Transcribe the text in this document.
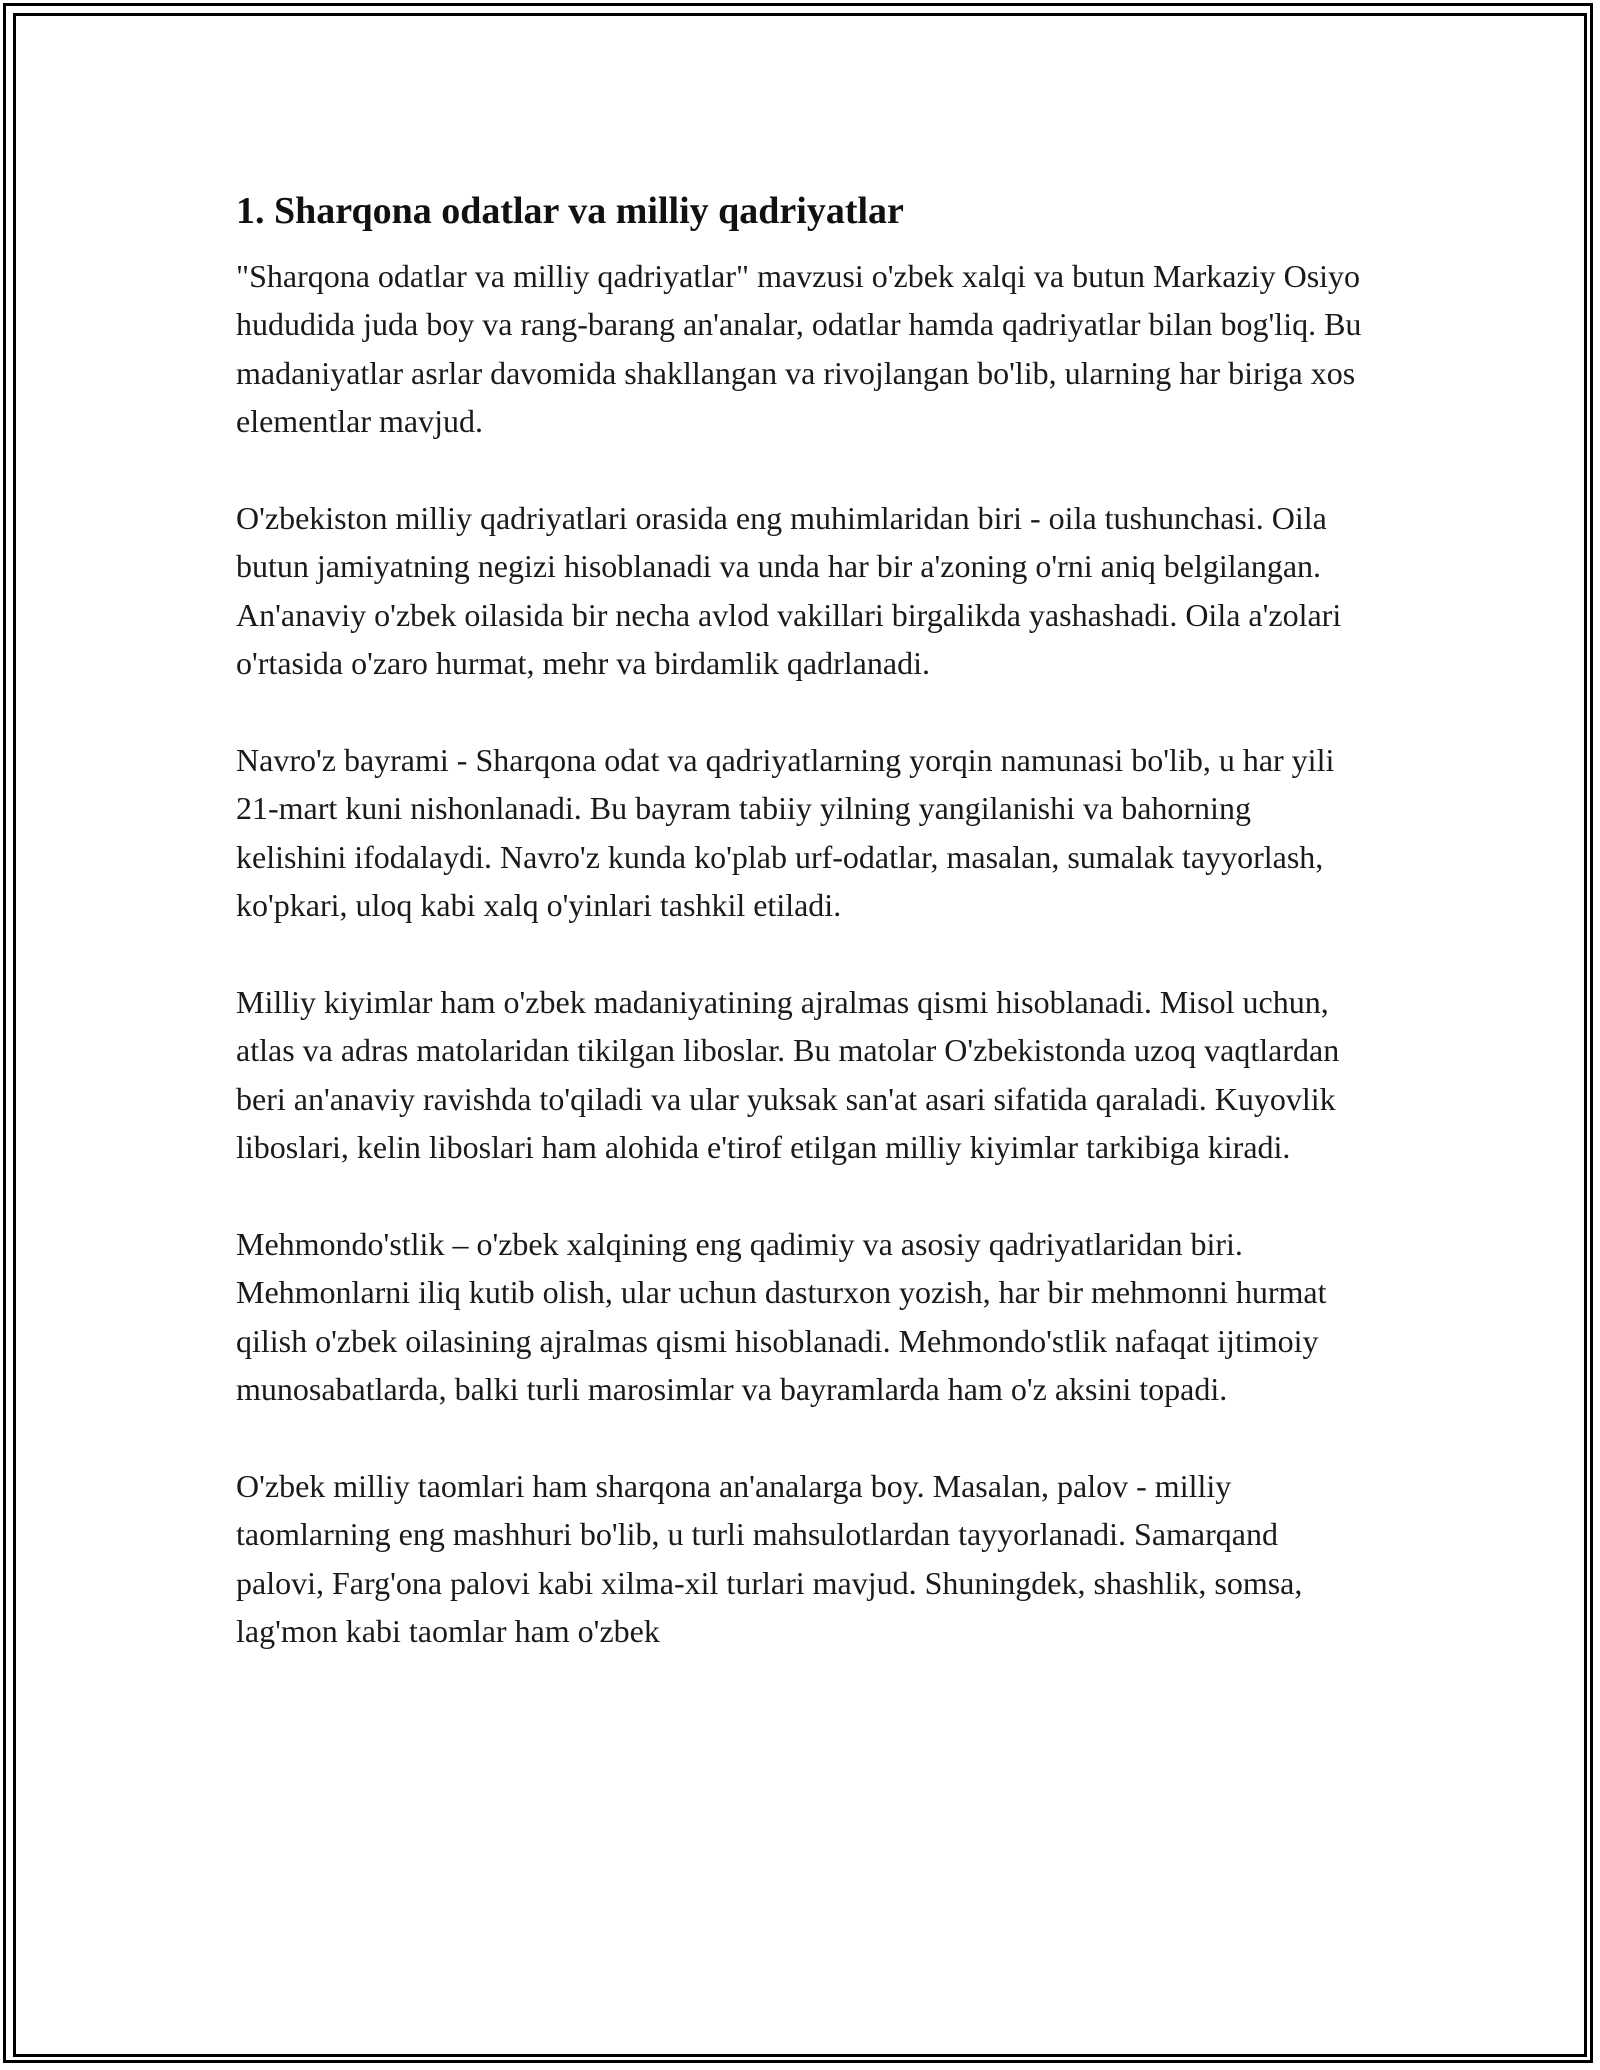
1. Sharqona odatlar va milliy qadriyatlar

"Sharqona odatlar va milliy qadriyatlar" mavzusi o'zbek xalqi va butun Markaziy Osiyo hududida juda boy va rang-barang an'analar, odatlar hamda qadriyatlar bilan bog'liq. Bu madaniyatlar asrlar davomida shakllangan va rivojlangan bo'lib, ularning har biriga xos elementlar mavjud.

O'zbekiston milliy qadriyatlari orasida eng muhimlaridan biri - oila tushunchasi. Oila butun jamiyatning negizi hisoblanadi va unda har bir a'zoning o'rni aniq belgilangan. An'anaviy o'zbek oilasida bir necha avlod vakillari birgalikda yashashadi. Oila a'zolari o'rtasida o'zaro hurmat, mehr va birdamlik qadrlanadi.

Navro'z bayrami - Sharqona odat va qadriyatlarning yorqin namunasi bo'lib, u har yili 21-mart kuni nishonlanadi. Bu bayram tabiiy yilning yangilanishi va bahorning kelishini ifodalaydi. Navro'z kunda ko'plab urf-odatlar, masalan, sumalak tayyorlash, ko'pkari, uloq kabi xalq o'yinlari tashkil etiladi.

Milliy kiyimlar ham o'zbek madaniyatining ajralmas qismi hisoblanadi. Misol uchun, atlas va adras matolaridan tikilgan liboslar. Bu matolar O'zbekistonda uzoq vaqtlardan beri an'anaviy ravishda to'qiladi va ular yuksak san'at asari sifatida qaraladi. Kuyovlik liboslari, kelin liboslari ham alohida e'tirof etilgan milliy kiyimlar tarkibiga kiradi.

Mehmondo'stlik – o'zbek xalqining eng qadimiy va asosiy qadriyatlaridan biri. Mehmonlarni iliq kutib olish, ular uchun dasturxon yozish, har bir mehmonni hurmat qilish o'zbek oilasining ajralmas qismi hisoblanadi. Mehmondo'stlik nafaqat ijtimoiy munosabatlarda, balki turli marosimlar va bayramlarda ham o'z aksini topadi.

O'zbek milliy taomlari ham sharqona an'analarga boy. Masalan, palov - milliy taomlarning eng mashhuri bo'lib, u turli mahsulotlardan tayyorlanadi. Samarqand palovi, Farg'ona palovi kabi xilma-xil turlari mavjud. Shuningdek, shashlik, somsa, lag'mon kabi taomlar ham o'zbek
